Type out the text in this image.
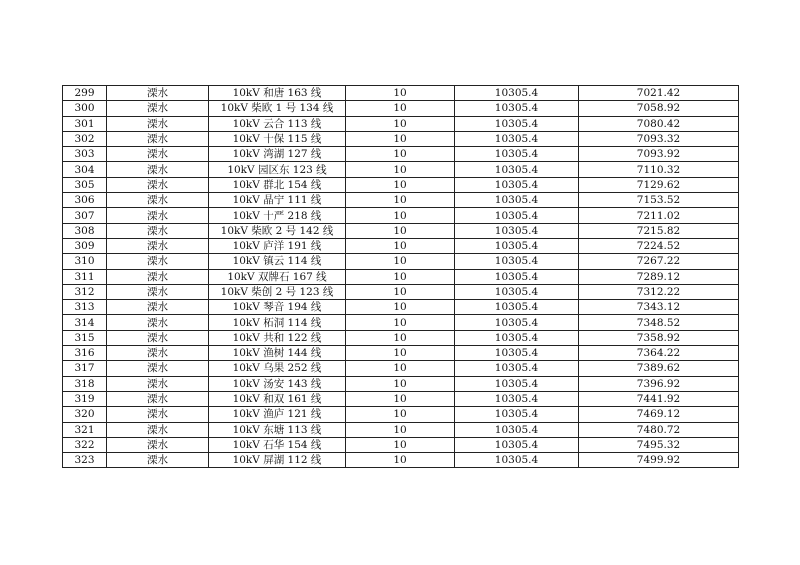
299	溧水	10kV 和唐 163 线	10	10305.4	7021.42
300	溧水	10kV 柴欧 1 号 134 线	10	10305.4	7058.92
301	溧水	10kV 云合 113 线	10	10305.4	7080.42
302	溧水	10kV 十保 115 线	10	10305.4	7093.32
303	溧水	10kV 湾湖 127 线	10	10305.4	7093.92
304	溧水	10kV 园区东 123 线	10	10305.4	7110.32
305	溧水	10kV 群北 154 线	10	10305.4	7129.62
306	溧水	10kV 晶宁 111 线	10	10305.4	7153.52
307	溧水	10kV 十严 218 线	10	10305.4	7211.02
308	溧水	10kV 柴欧 2 号 142 线	10	10305.4	7215.82
309	溧水	10kV 庐洋 191 线	10	10305.4	7224.52
310	溧水	10kV 镇云 114 线	10	10305.4	7267.22
311	溧水	10kV 双牌石 167 线	10	10305.4	7289.12
312	溧水	10kV 柴创 2 号 123 线	10	10305.4	7312.22
313	溧水	10kV 琴音 194 线	10	10305.4	7343.12
314	溧水	10kV 柘洞 114 线	10	10305.4	7348.52
315	溧水	10kV 共和 122 线	10	10305.4	7358.92
316	溧水	10kV 渔树 144 线	10	10305.4	7364.22
317	溧水	10kV 乌果 252 线	10	10305.4	7389.62
318	溧水	10kV 汤安 143 线	10	10305.4	7396.92
319	溧水	10kV 和双 161 线	10	10305.4	7441.92
320	溧水	10kV 渔庐 121 线	10	10305.4	7469.12
321	溧水	10kV 东塘 113 线	10	10305.4	7480.72
322	溧水	10kV 石华 154 线	10	10305.4	7495.32
323	溧水	10kV 屏湖 112 线	10	10305.4	7499.92
